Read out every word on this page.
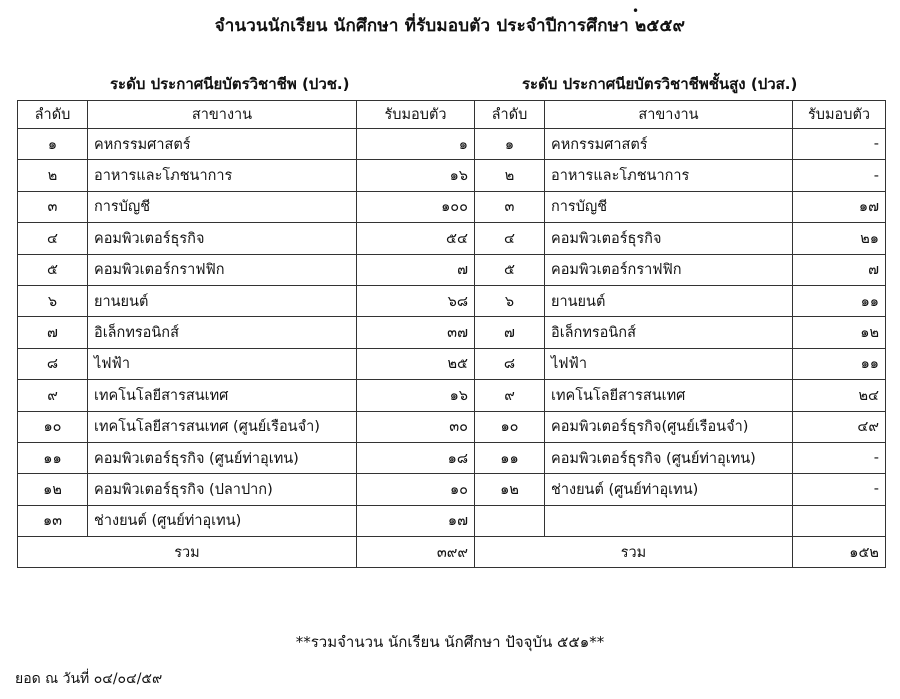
•
จำนวนนักเรียน นักศึกษา ที่รับมอบตัว ประจำปีการศึกษา ๒๕๕๙
ระดับ ประกาศนียบัตรวิชาชีพ (ปวช.)	ระดับ ประกาศนียบัตรวิชาชีพชั้นสูง (ปวส.)
ลำดับ	สาขางาน	รับมอบตัว	ลำดับ	สาขางาน	รับมอบตัว
๑	คหกรรมศาสตร์	๑	๑	คหกรรมศาสตร์	-
๒	อาหารและโภชนาการ	๑๖	๒	อาหารและโภชนาการ	-
๓	การบัญชี	๑๐๐	๓	การบัญชี	๑๗
๔	คอมพิวเตอร์ธุรกิจ	๕๔	๔	คอมพิวเตอร์ธุรกิจ	๒๑
๕	คอมพิวเตอร์กราฟฟิก	๗	๕	คอมพิวเตอร์กราฟฟิก	๗
๖	ยานยนต์	๖๘	๖	ยานยนต์	๑๑
๗	อิเล็กทรอนิกส์	๓๗	๗	อิเล็กทรอนิกส์	๑๒
๘	ไฟฟ้า	๒๕	๘	ไฟฟ้า	๑๑
๙	เทคโนโลยีสารสนเทศ	๑๖	๙	เทคโนโลยีสารสนเทศ	๒๔
๑๐	เทคโนโลยีสารสนเทศ (ศูนย์เรือนจำ)	๓๐	๑๐	คอมพิวเตอร์ธุรกิจ(ศูนย์เรือนจำ)	๔๙
๑๑	คอมพิวเตอร์ธุรกิจ (ศูนย์ท่าอุเทน)	๑๘	๑๑	คอมพิวเตอร์ธุรกิจ (ศูนย์ท่าอุเทน)	-
๑๒	คอมพิวเตอร์ธุรกิจ (ปลาปาก)	๑๐	๑๒	ช่างยนต์ (ศูนย์ท่าอุเทน)	-
๑๓	ช่างยนต์ (ศูนย์ท่าอุเทน)	๑๗			
รวม		๓๙๙	รวม		๑๕๒
**รวมจำนวน นักเรียน นักศึกษา ปัจจุบัน ๕๕๑**
ยอด ณ วันที่ ๐๔/๐๔/๕๙
